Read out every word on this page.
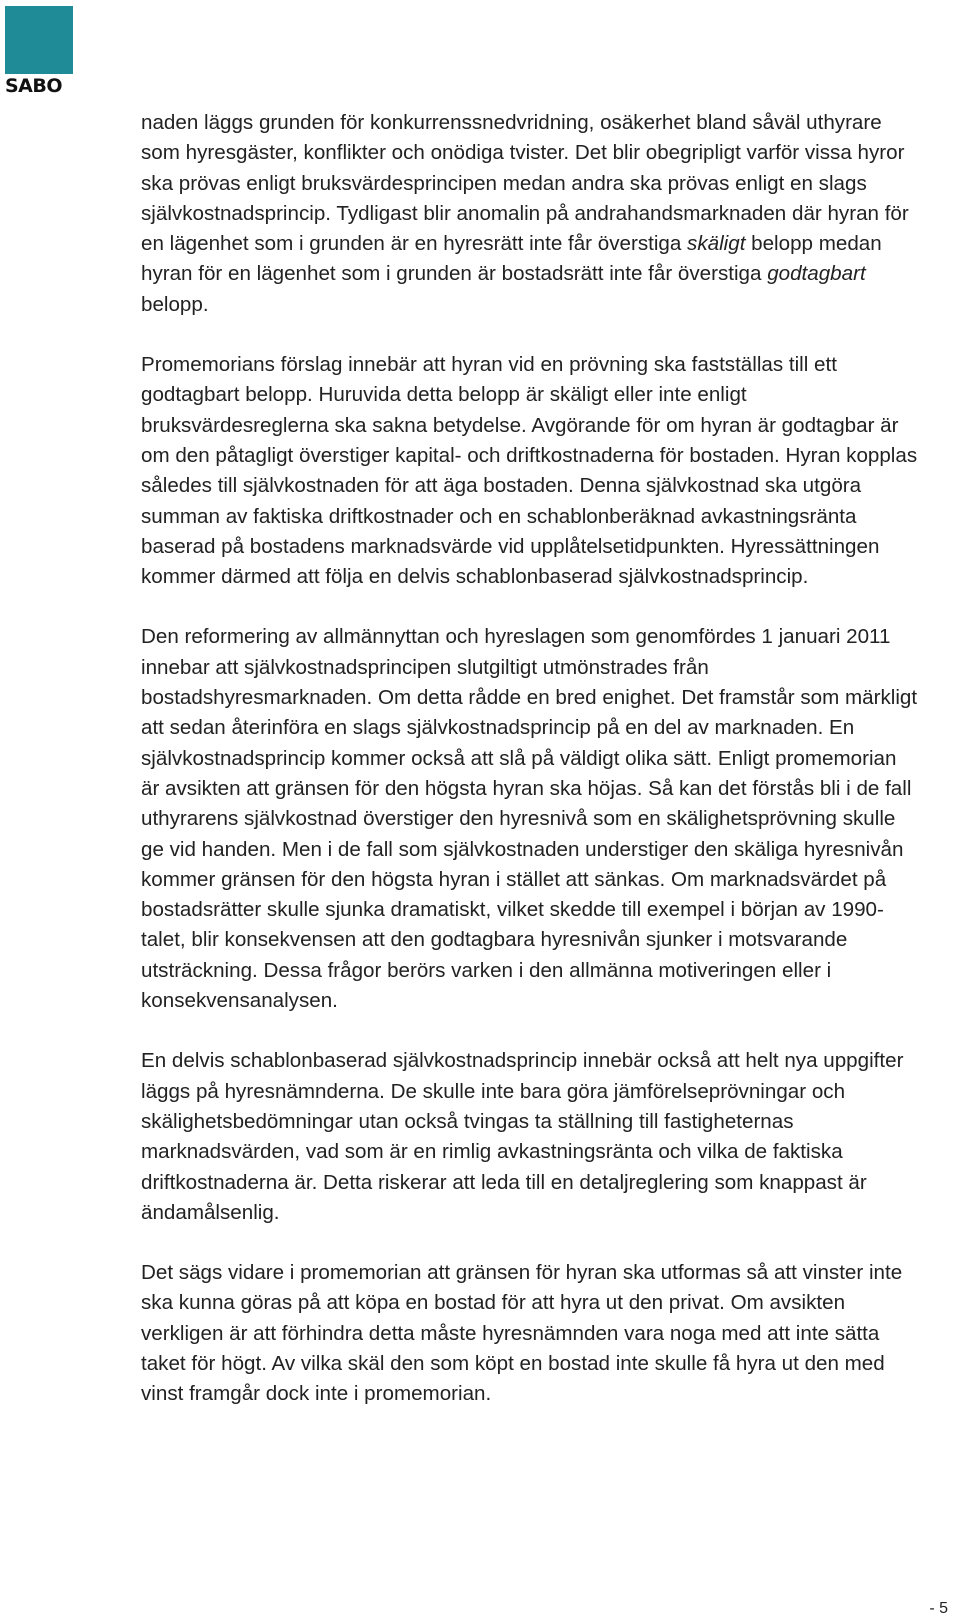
SABO

naden läggs grunden för konkurrenssnedvridning, osäkerhet bland såväl uthyrare som hyresgäster, konflikter och onödiga tvister. Det blir obegripligt varför vissa hyror ska prövas enligt bruksvärdesprincipen medan andra ska prövas enligt en slags självkostnadsprincip. Tydligast blir anomalin på andrahandsmarknaden där hyran för en lägenhet som i grunden är en hyresrätt inte får överstiga skäligt belopp medan hyran för en lägenhet som i grunden är bostadsrätt inte får överstiga godtagbart belopp.

Promemorians förslag innebär att hyran vid en prövning ska fastställas till ett godtagbart belopp. Huruvida detta belopp är skäligt eller inte enligt bruksvärdesreglerna ska sakna betydelse. Avgörande för om hyran är godtagbar är om den påtagligt överstiger kapital- och driftkostnaderna för bostaden. Hyran kopplas således till självkostnaden för att äga bostaden. Denna självkostnad ska utgöra summan av faktiska driftkostnader och en schablonberäknad avkastningsränta baserad på bostadens marknadsvärde vid upplåtelsetidpunkten. Hyressättningen kommer därmed att följa en delvis schablonbaserad självkostnadsprincip.

Den reformering av allmännyttan och hyreslagen som genomfördes 1 januari 2011 innebar att självkostnadsprincipen slutgiltigt utmönstrades från bostadshyresmarknaden. Om detta rådde en bred enighet. Det framstår som märkligt att sedan återinföra en slags självkostnadsprincip på en del av marknaden. En självkostnadsprincip kommer också att slå på väldigt olika sätt. Enligt promemorian är avsikten att gränsen för den högsta hyran ska höjas. Så kan det förstås bli i de fall uthyrarens självkostnad överstiger den hyresnivå som en skälighetsprövning skulle ge vid handen. Men i de fall som självkostnaden understiger den skäliga hyresnivån kommer gränsen för den högsta hyran i stället att sänkas. Om marknadsvärdet på bostadsrätter skulle sjunka dramatiskt, vilket skedde till exempel i början av 1990-talet, blir konsekvensen att den godtagbara hyresnivån sjunker i motsvarande utsträckning. Dessa frågor berörs varken i den allmänna motiveringen eller i konsekvensanalysen.

En delvis schablonbaserad självkostnadsprincip innebär också att helt nya uppgifter läggs på hyresnämnderna. De skulle inte bara göra jämförelseprövningar och skälighetsbedömningar utan också tvingas ta ställning till fastigheternas marknadsvärden, vad som är en rimlig avkastningsränta och vilka de faktiska driftkostnaderna är. Detta riskerar att leda till en detaljreglering som knappast är ändamålsenlig.

Det sägs vidare i promemorian att gränsen för hyran ska utformas så att vinster inte ska kunna göras på att köpa en bostad för att hyra ut den privat. Om avsikten verkligen är att förhindra detta måste hyresnämnden vara noga med att inte sätta taket för högt. Av vilka skäl den som köpt en bostad inte skulle få hyra ut den med vinst framgår dock inte i promemorian.

- 5
